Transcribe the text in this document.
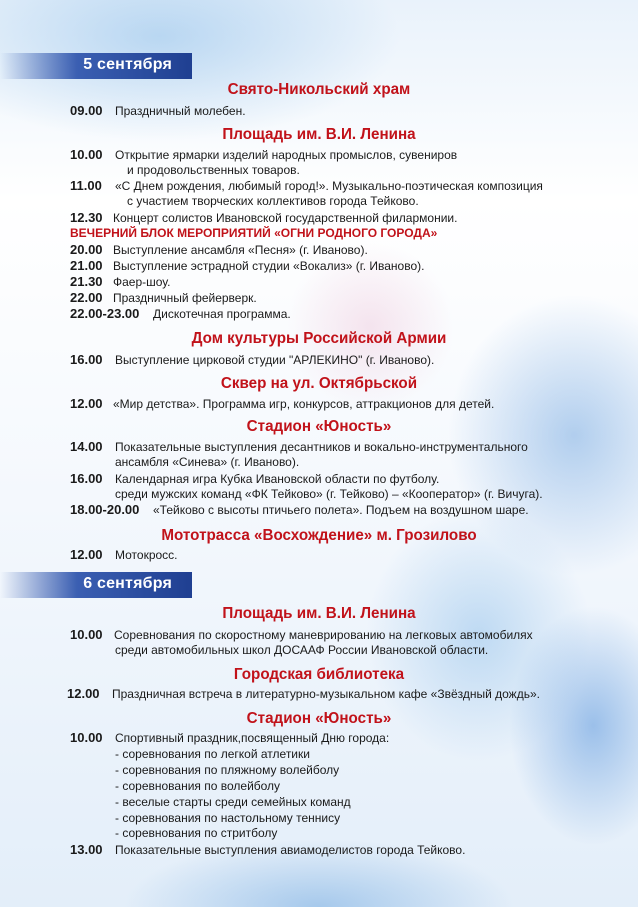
5 сентября
Свято-Никольский храм
09.00 Праздничный молебен.
Площадь им. В.И. Ленина
10.00 Открытие ярмарки изделий народных промыслов, сувениров
и продовольственных товаров.
11.00 «С Днем рождения, любимый город!». Музыкально-поэтическая композиция
с участием творческих коллективов города Тейково.
12.30 Концерт солистов Ивановской государственной филармонии.
ВЕЧЕРНИЙ БЛОК МЕРОПРИЯТИЙ «ОГНИ РОДНОГО ГОРОДА»
20.00 Выступление ансамбля «Песня» (г. Иваново).
21.00 Выступление эстрадной студии «Вокализ» (г. Иваново).
21.30 Фаер-шоу.
22.00 Праздничный фейерверк.
22.00-23.00 Дискотечная программа.
Дом культуры Российской Армии
16.00 Выступление цирковой студии "АРЛЕКИНО" (г. Иваново).
Сквер на ул. Октябрьской
12.00 «Мир детства». Программа игр, конкурсов, аттракционов для детей.
Стадион «Юность»
14.00 Показательные выступления десантников и вокально-инструментального
ансамбля «Синева» (г. Иваново).
16.00 Календарная игра Кубка Ивановской области по футболу.
среди мужских команд «ФК Тейково» (г. Тейково) – «Кооператор» (г. Вичуга).
18.00-20.00 «Тейково с высоты птичьего полета». Подъем на воздушном шаре.
Мототрасса «Восхождение» м. Грозилово
12.00 Мотокросс.
6 сентября
Площадь им. В.И. Ленина
10.00 Соревнования по скоростному маневрированию на легковых автомобилях
среди автомобильных школ ДОСААФ России Ивановской области.
Городская библиотека
12.00 Праздничная встреча в литературно-музыкальном кафе «Звёздный дождь».
Стадион «Юность»
10.00 Спортивный праздник,посвященный Дню города:
- соревнования по легкой атлетики
- соревнования по пляжному волейболу
- соревнования по волейболу
- веселые старты среди семейных команд
- соревнования по настольному теннису
- соревнования по стритболу
13.00 Показательные выступления авиамоделистов города Тейково.
